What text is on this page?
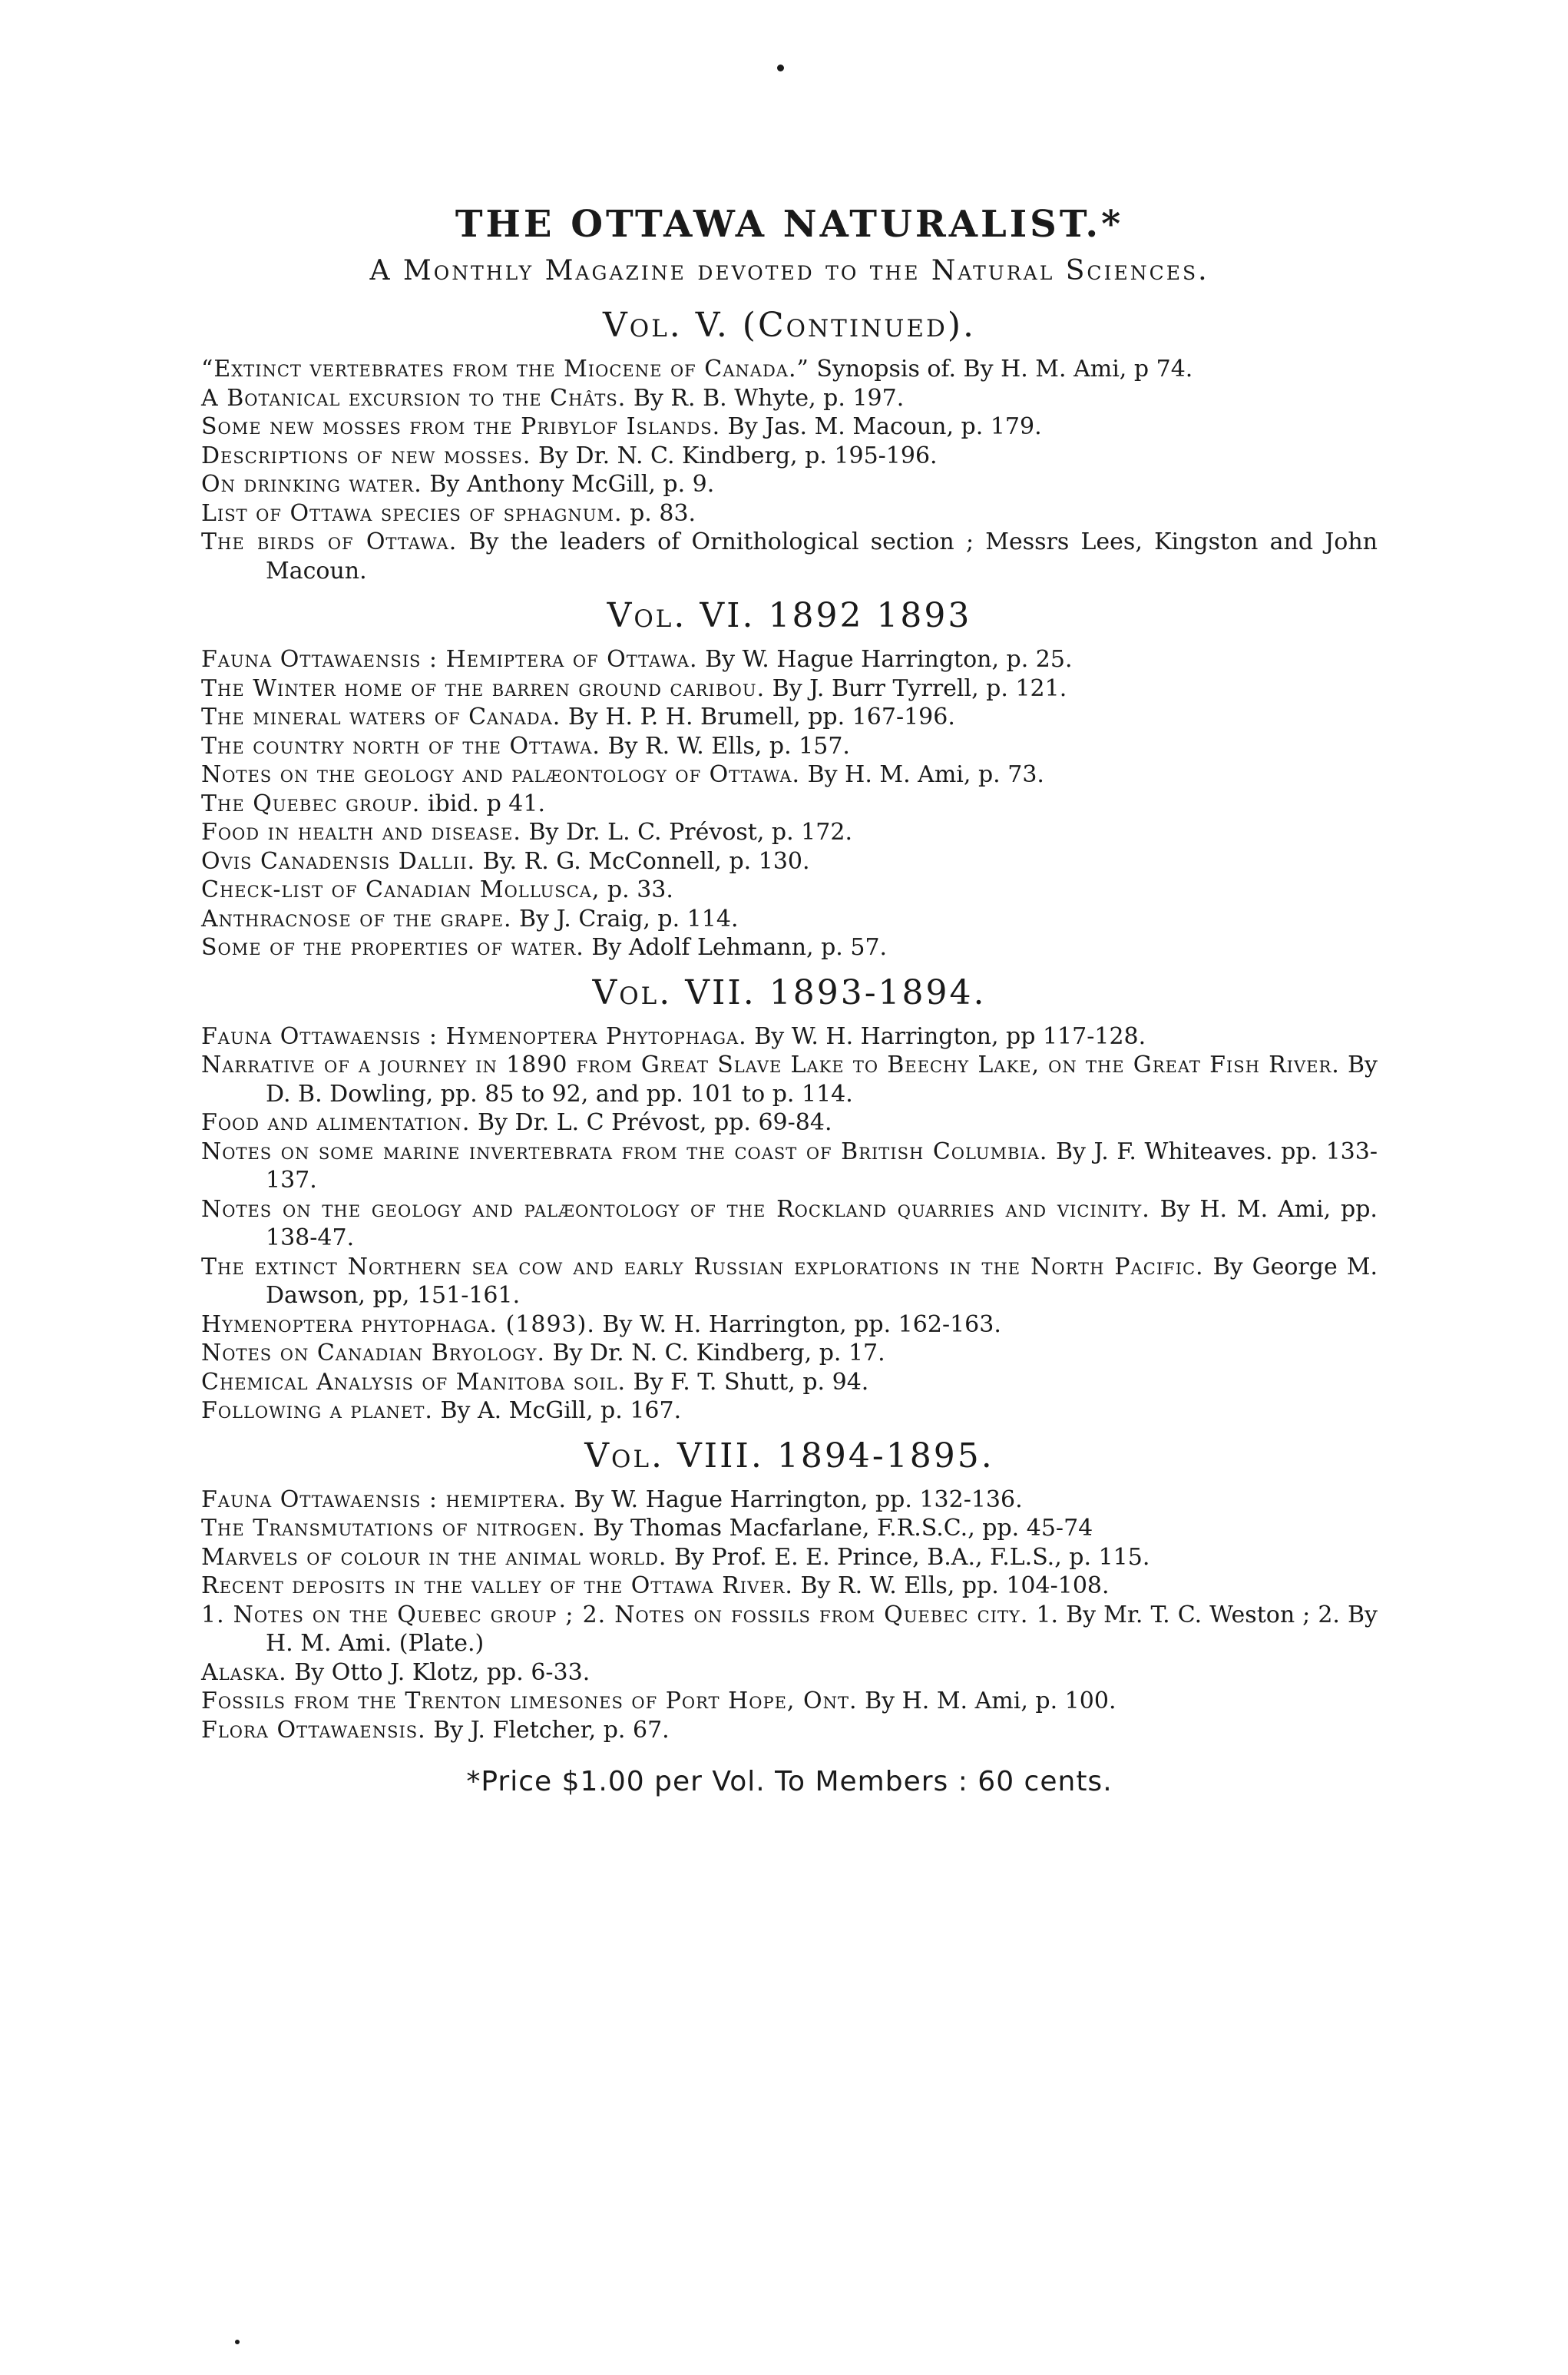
THE OTTAWA NATURALIST.*
A Monthly Magazine devoted to the Natural Sciences.
Vol. V. (Continued).

“Extinct vertebrates from the Miocene of Canada.” Synopsis of. By H. M. Ami, p 74.

A Botanical excursion to the Châts. By R. B. Whyte, p. 197.

Some new mosses from the Pribylof Islands. By Jas. M. Macoun, p. 179.

Descriptions of new mosses. By Dr. N. C. Kindberg, p. 195-196.

On drinking water. By Anthony McGill, p. 9.

List of Ottawa species of sphagnum. p. 83.

The birds of Ottawa. By the leaders of Ornithological section ; Messrs Lees, Kingston and John Macoun.

Vol. VI. 1892 1893

Fauna Ottawaensis : Hemiptera of Ottawa. By W. Hague Harrington, p. 25.

The Winter home of the barren ground caribou. By J. Burr Tyrrell, p. 121.

The mineral waters of Canada. By H. P. H. Brumell, pp. 167-196.

The country north of the Ottawa. By R. W. Ells, p. 157.

Notes on the geology and palæontology of Ottawa. By H. M. Ami, p. 73.

The Quebec group. ibid. p 41.

Food in health and disease. By Dr. L. C. Prévost, p. 172.

Ovis Canadensis Dallii. By. R. G. McConnell, p. 130.

Check-list of Canadian Mollusca, p. 33.

Anthracnose of the grape. By J. Craig, p. 114.

Some of the properties of water. By Adolf Lehmann, p. 57.

Vol. VII. 1893-1894.

Fauna Ottawaensis : Hymenoptera Phytophaga. By W. H. Harrington, pp 117-128.

Narrative of a journey in 1890 from Great Slave Lake to Beechy Lake, on the Great Fish River. By D. B. Dowling, pp. 85 to 92, and pp. 101 to p. 114.

Food and alimentation. By Dr. L. C Prévost, pp. 69-84.

Notes on some marine invertebrata from the coast of British Columbia. By J. F. Whiteaves. pp. 133-137.

Notes on the geology and palæontology of the Rockland quarries and vicinity. By H. M. Ami, pp. 138-47.

The extinct Northern sea cow and early Russian explorations in the North Pacific. By George M. Dawson, pp, 151-161.

Hymenoptera phytophaga. (1893). By W. H. Harrington, pp. 162-163.

Notes on Canadian Bryology. By Dr. N. C. Kindberg, p. 17.

Chemical Analysis of Manitoba soil. By F. T. Shutt, p. 94.

Following a planet. By A. McGill, p. 167.

Vol. VIII. 1894-1895.

Fauna Ottawaensis : hemiptera. By W. Hague Harrington, pp. 132-136.

The Transmutations of nitrogen. By Thomas Macfarlane, F.R.S.C., pp. 45-74

Marvels of colour in the animal world. By Prof. E. E. Prince, B.A., F.L.S., p. 115.

Recent deposits in the valley of the Ottawa River. By R. W. Ells, pp. 104-108.

1. Notes on the Quebec group ; 2. Notes on fossils from Quebec city. 1. By Mr. T. C. Weston ; 2. By H. M. Ami. (Plate.)

Alaska. By Otto J. Klotz, pp. 6-33.

Fossils from the Trenton limesones of Port Hope, Ont. By H. M. Ami, p. 100.

Flora Ottawaensis. By J. Fletcher, p. 67.

*Price $1.00 per Vol. To Members : 60 cents.
